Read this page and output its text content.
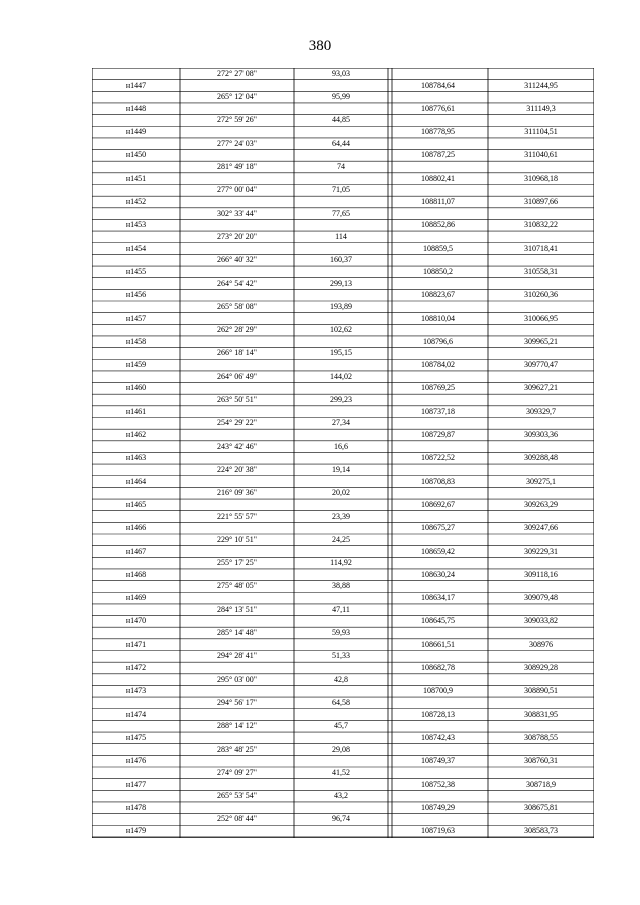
380
272° 27' 08"	93,03
н1447	108784,64	311244,95
265° 12' 04"	95,99
н1448	108776,61	311149,3
272° 59' 26"	44,85
н1449	108778,95	311104,51
277° 24' 03"	64,44
н1450	108787,25	311040,61
281° 49' 18"	74
н1451	108802,41	310968,18
277° 00' 04"	71,05
н1452	108811,07	310897,66
302° 33' 44"	77,65
н1453	108852,86	310832,22
273° 20' 20"	114
н1454	108859,5	310718,41
266° 40' 32"	160,37
н1455	108850,2	310558,31
264° 54' 42"	299,13
н1456	108823,67	310260,36
265° 58' 08"	193,89
н1457	108810,04	310066,95
262° 28' 29"	102,62
н1458	108796,6	309965,21
266° 18' 14"	195,15
н1459	108784,02	309770,47
264° 06' 49"	144,02
н1460	108769,25	309627,21
263° 50' 51"	299,23
н1461	108737,18	309329,7
254° 29' 22"	27,34
н1462	108729,87	309303,36
243° 42' 46"	16,6
н1463	108722,52	309288,48
224° 20' 38"	19,14
н1464	108708,83	309275,1
216° 09' 36"	20,02
н1465	108692,67	309263,29
221° 55' 57"	23,39
н1466	108675,27	309247,66
229° 10' 51"	24,25
н1467	108659,42	309229,31
255° 17' 25"	114,92
н1468	108630,24	309118,16
275° 48' 05"	38,88
н1469	108634,17	309079,48
284° 13' 51"	47,11
н1470	108645,75	309033,82
285° 14' 48"	59,93
н1471	108661,51	308976
294° 28' 41"	51,33
н1472	108682,78	308929,28
295° 03' 00"	42,8
н1473	108700,9	308890,51
294° 56' 17"	64,58
н1474	108728,13	308831,95
288° 14' 12"	45,7
н1475	108742,43	308788,55
283° 48' 25"	29,08
н1476	108749,37	308760,31
274° 09' 27"	41,52
н1477	108752,38	308718,9
265° 53' 54"	43,2
н1478	108749,29	308675,81
252° 08' 44"	96,74
н1479	108719,63	308583,73
